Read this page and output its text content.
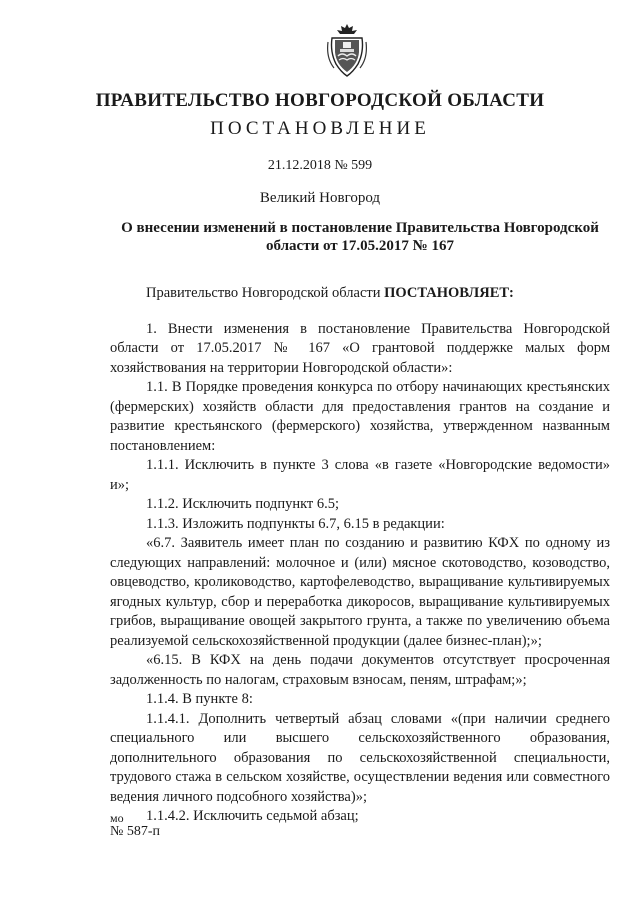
ПРАВИТЕЛЬСТВО НОВГОРОДСКОЙ ОБЛАСТИ
ПОСТАНОВЛЕНИЕ
21.12.2018 № 599
Великий Новгород
О внесении изменений в постановление Правительства Новгородской области от 17.05.2017 № 167

Правительство Новгородской области ПОСТАНОВЛЯЕТ:

1. Внести изменения в постановление Правительства Новгородской области от 17.05.2017 № 167 «О грантовой поддержке малых форм хозяйствования на территории Новгородской области»:

1.1. В Порядке проведения конкурса по отбору начинающих крестьянских (фермерских) хозяйств области для предоставления грантов на создание и развитие крестьянского (фермерского) хозяйства, утвержденном названным постановлением:

1.1.1. Исключить в пункте 3 слова «в газете «Новгородские ведомости» и»;

1.1.2. Исключить подпункт 6.5;

1.1.3. Изложить подпункты 6.7, 6.15 в редакции:

«6.7. Заявитель имеет план по созданию и развитию КФХ по одному из следующих направлений: молочное и (или) мясное скотоводство, козоводство, овцеводство, кролиководство, картофелеводство, выращивание культивируемых ягодных культур, сбор и переработка дикоросов, выращивание культивируемых грибов, выращивание овощей закрытого грунта, а также по увеличению объема реализуемой сельскохозяйственной продукции (далее бизнес-план);»;

«6.15. В КФХ на день подачи документов отсутствует просроченная задолженность по налогам, страховым взносам, пеням, штрафам;»;

1.1.4. В пункте 8:

1.1.4.1. Дополнить четвертый абзац словами «(при наличии среднего специального или высшего сельскохозяйственного образования, дополнительного образования по сельскохозяйственной специальности, трудового стажа в сельском хозяйстве, осуществлении ведения или совместного ведения личного подсобного хозяйства)»;

1.1.4.2. Исключить седьмой абзац;

мо
№ 587-п
